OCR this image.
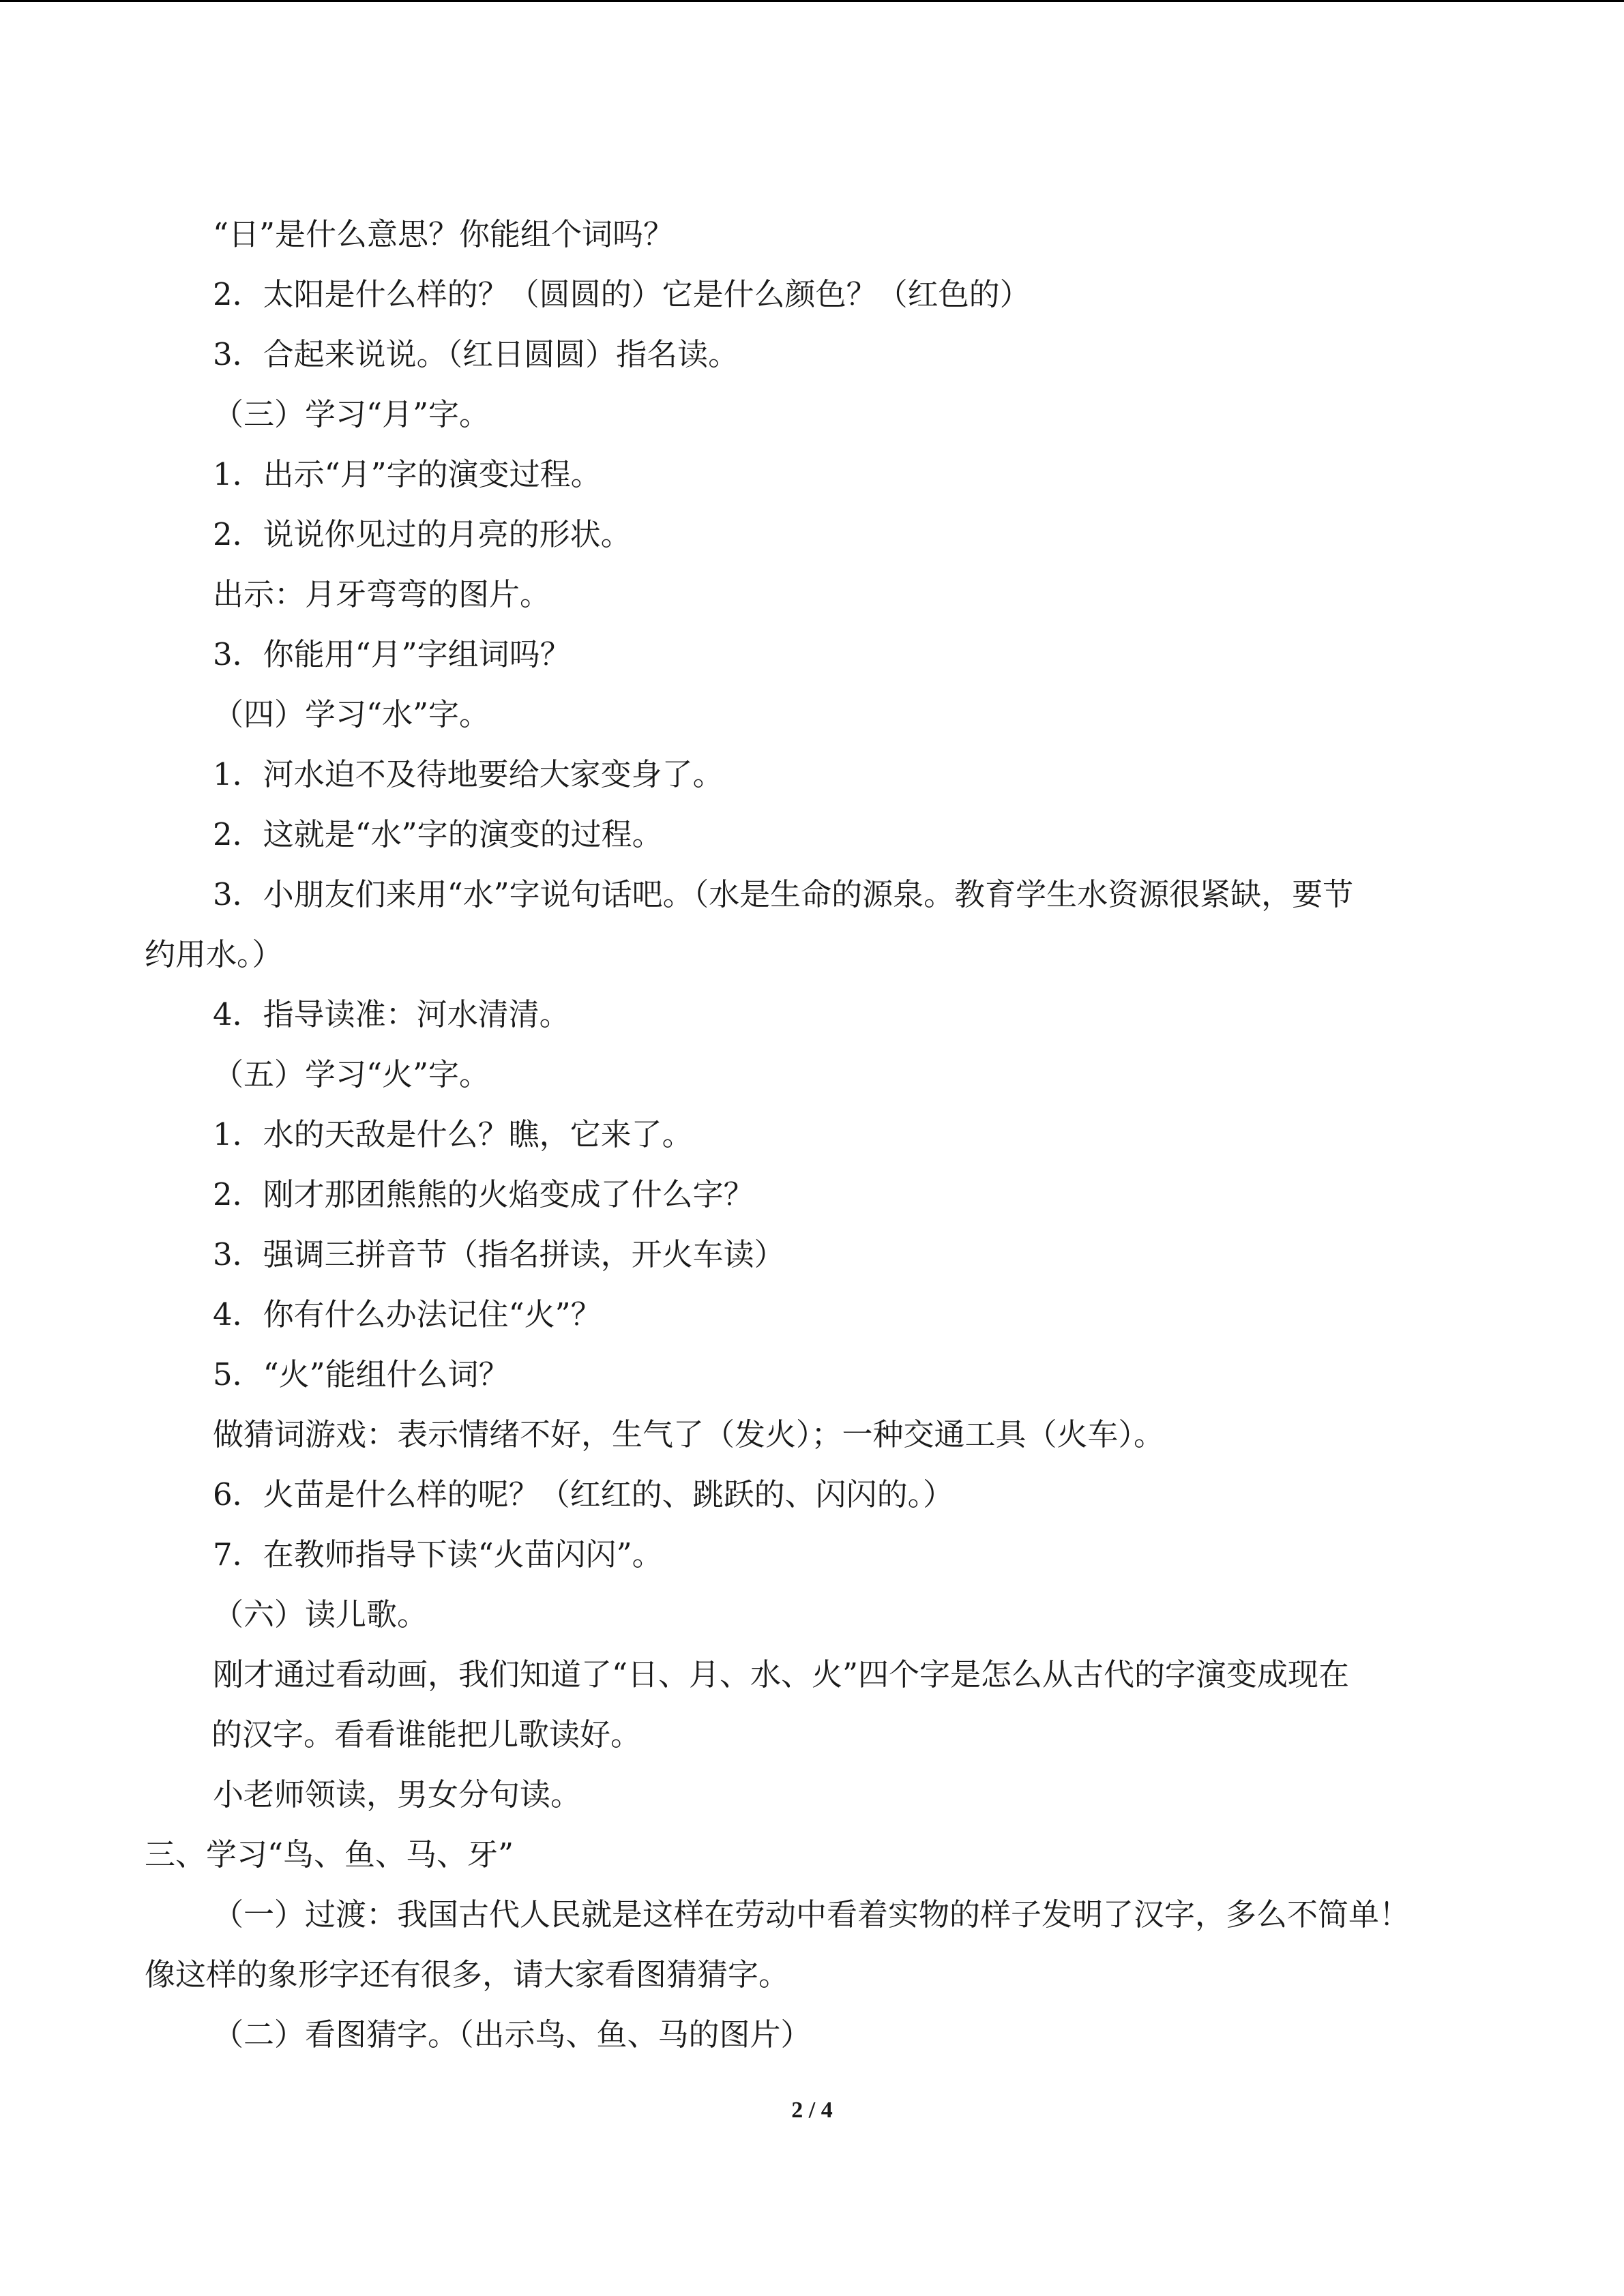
“日”是什么意思？你能组个词吗？

2．太阳是什么样的？（圆圆的）它是什么颜色？（红色的）

3．合起来说说。（红日圆圆）指名读。

（三）学习“月”字。

1．出示“月”字的演变过程。

2．说说你见过的月亮的形状。

出示：月牙弯弯的图片。

3．你能用“月”字组词吗？

（四）学习“水”字。

1．河水迫不及待地要给大家变身了。

2．这就是“水”字的演变的过程。

3．小朋友们来用“水”字说句话吧。（水是生命的源泉。教育学生水资源很紧缺，要节

约用水。）

4．指导读准：河水清清。

（五）学习“火”字。

1．水的天敌是什么？瞧，它来了。

2．刚才那团熊熊的火焰变成了什么字？

3．强调三拼音节（指名拼读，开火车读）

4．你有什么办法记住“火”？

5．“火”能组什么词？

做猜词游戏：表示情绪不好，生气了（发火）；一种交通工具（火车）。

6．火苗是什么样的呢？（红红的、跳跃的、闪闪的。）

7．在教师指导下读“火苗闪闪”。

（六）读儿歌。

刚才通过看动画，我们知道了“日、月、水、火”四个字是怎么从古代的字演变成现在

的汉字。看看谁能把儿歌读好。

小老师领读，男女分句读。

三、学习“鸟、鱼、马、牙”

（一）过渡：我国古代人民就是这样在劳动中看着实物的样子发明了汉字，多么不简单！

像这样的象形字还有很多，请大家看图猜猜字。

（二）看图猜字。（出示鸟、鱼、马的图片）

2 / 4
